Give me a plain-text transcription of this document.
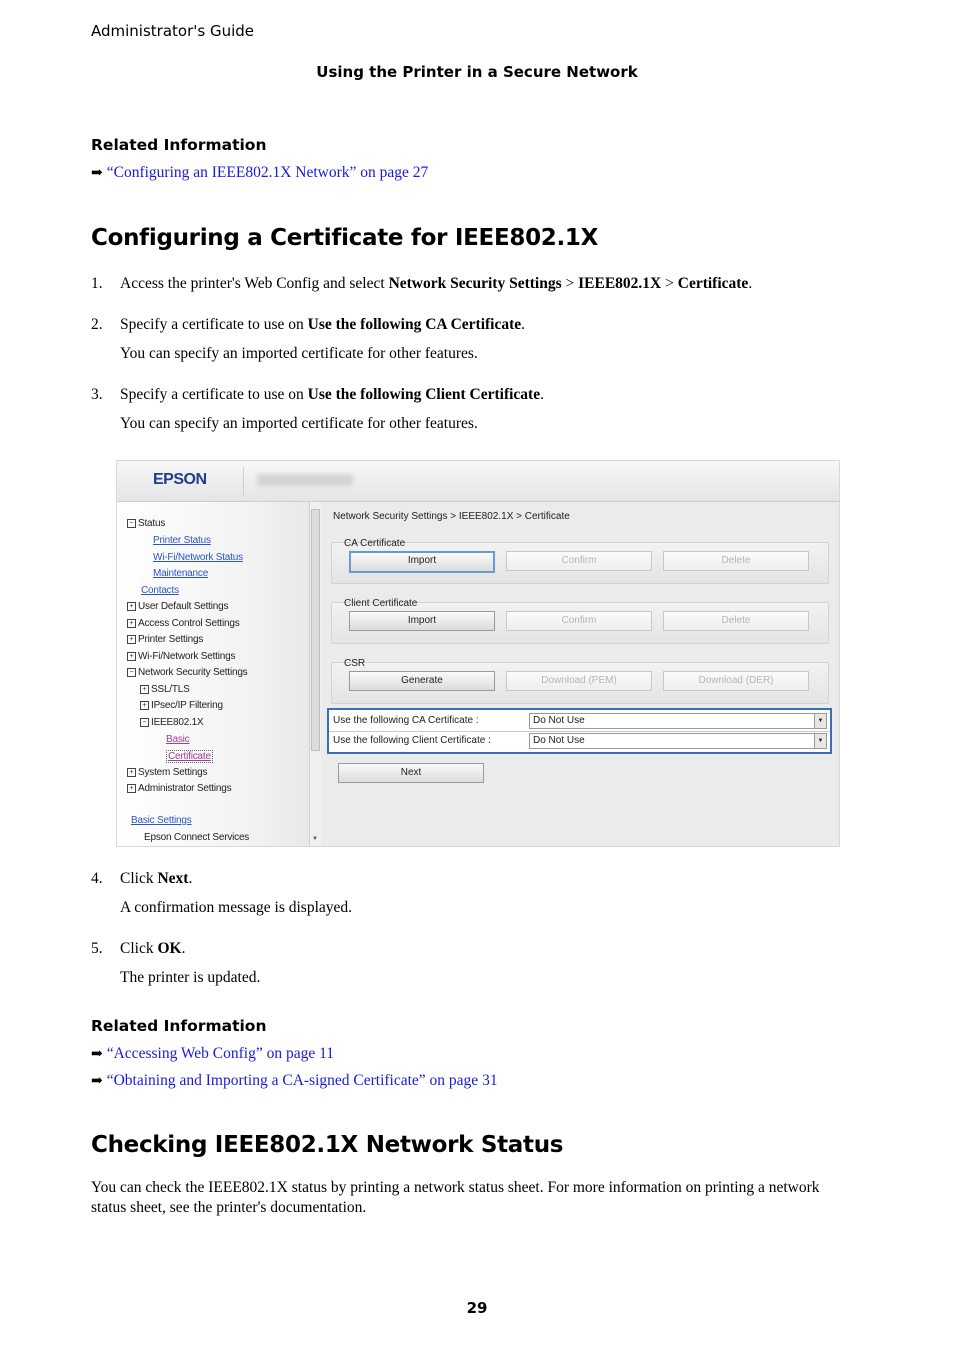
Administrator's Guide
Using the Printer in a Secure Network
Related Information
➡ “Configuring an IEEE802.1X Network” on page 27
Configuring a Certificate for IEEE802.1X
1. Access the printer's Web Config and select Network Security Settings > IEEE802.1X > Certificate.
2. Specify a certificate to use on Use the following CA Certificate.
You can specify an imported certificate for other features.
3. Specify a certificate to use on Use the following Client Certificate.
You can specify an imported certificate for other features.
EPSON
− Status
Printer Status
Wi-Fi/Network Status
Maintenance
Contacts
+ User Default Settings
+ Access Control Settings
+ Printer Settings
+ Wi-Fi/Network Settings
− Network Security Settings
+ SSL/TLS
+ IPsec/IP Filtering
− IEEE802.1X
Basic
Certificate
+ System Settings
+ Administrator Settings
Basic Settings
Epson Connect Services	▼
Network Security Settings > IEEE802.1X > Certificate
CA Certificate
Import	Confirm	Delete
Client Certificate
Import	Confirm	Delete
CSR
Generate	Download (PEM)	Download (DER)
Use the following CA Certificate :	Do Not Use	▼
Use the following Client Certificate :	Do Not Use	▼
Next
4. Click Next.
A confirmation message is displayed.
5. Click OK.
The printer is updated.
Related Information
➡ “Accessing Web Config” on page 11
➡ “Obtaining and Importing a CA-signed Certificate” on page 31
Checking IEEE802.1X Network Status
You can check the IEEE802.1X status by printing a network status sheet. For more information on printing a network status sheet, see the printer's documentation.
29
